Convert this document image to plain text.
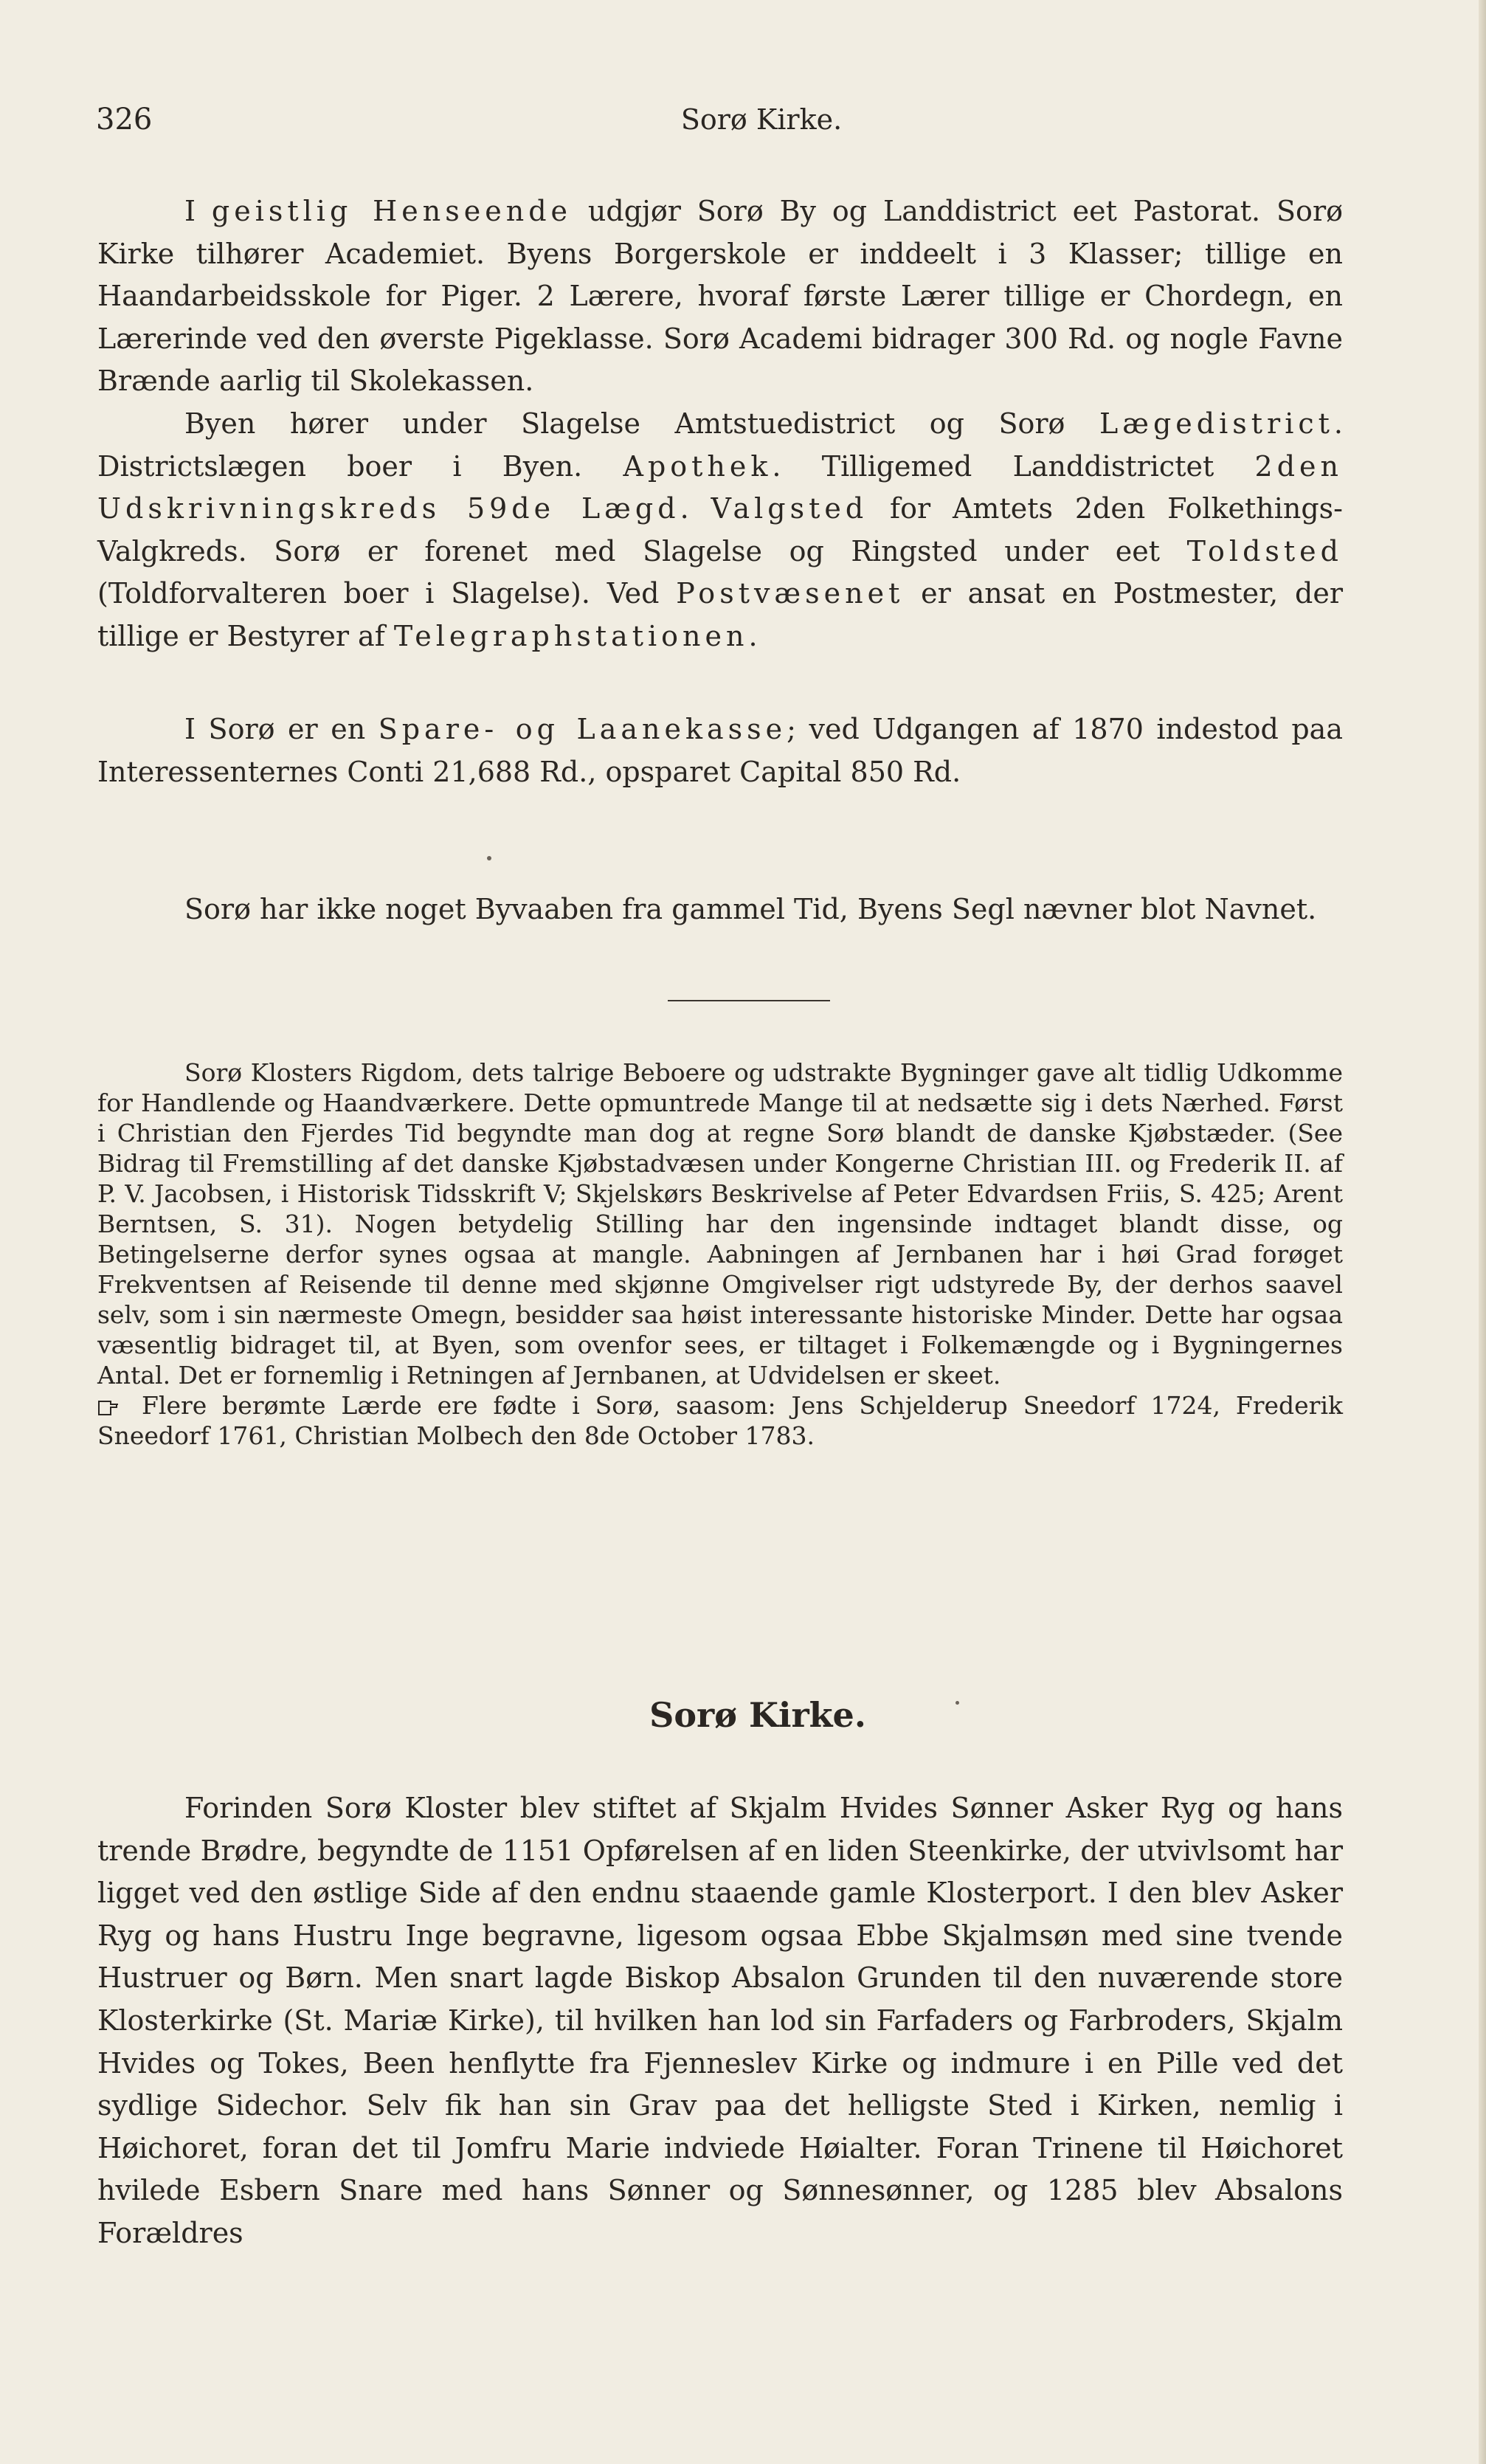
326	Sorø Kirke.

I geistlig Henseende udgjør Sorø By og Landdistrict eet Pastorat. Sorø Kirke tilhører Academiet. Byens Borgerskole er inddeelt i 3 Klasser; tillige en Haandarbeidsskole for Piger. 2 Lærere, hvoraf første Lærer tillige er Chordegn, en Lærerinde ved den øverste Pigeklasse. Sorø Academi bidrager 300 Rd. og nogle Favne Brænde aarlig til Skolekassen.

Byen hører under Slagelse Amtstuedistrict og Sorø Lægedistrict. Districtslægen boer i Byen. Apothek. Tilligemed Landdistrictet 2den Udskrivningskreds 59de Lægd. Valgsted for Amtets 2den Folkethings-Valgkreds. Sorø er forenet med Slagelse og Ringsted under eet Toldsted (Toldforvalteren boer i Slagelse). Ved Postvæsenet er ansat en Postmester, der tillige er Bestyrer af Telegraphstationen.

I Sorø er en Spare- og Laanekasse; ved Udgangen af 1870 indestod paa Interessenternes Conti 21,688 Rd., opsparet Capital 850 Rd.

Sorø har ikke noget Byvaaben fra gammel Tid, Byens Segl nævner blot Navnet.

Sorø Klosters Rigdom, dets talrige Beboere og udstrakte Bygninger gave alt tidlig Udkomme for Handlende og Haandværkere. Dette opmuntrede Mange til at nedsætte sig i dets Nærhed. Først i Christian den Fjerdes Tid begyndte man dog at regne Sorø blandt de danske Kjøbstæder. (See Bidrag til Fremstilling af det danske Kjøbstadvæsen under Kongerne Christian III. og Frederik II. af P. V. Jacobsen, i Historisk Tidsskrift V; Skjelskørs Beskrivelse af Peter Edvardsen Friis, S. 425; Arent Berntsen, S. 31). Nogen betydelig Stilling har den ingensinde indtaget blandt disse, og Betingelserne derfor synes ogsaa at mangle. Aabningen af Jernbanen har i høi Grad forøget Frekventsen af Reisende til denne med skjønne Omgivelser rigt udstyrede By, der derhos saavel selv, som i sin nærmeste Omegn, besidder saa høist interessante historiske Minder. Dette har ogsaa væsentlig bidraget til, at Byen, som ovenfor sees, er tiltaget i Folkemængde og i Bygningernes Antal. Det er fornemlig i Retningen af Jernbanen, at Udvidelsen er skeet.

Flere berømte Lærde ere fødte i Sorø, saasom: Jens Schjelderup Sneedorf 1724, Frederik Sneedorf 1761, Christian Molbech den 8de October 1783.

Sorø Kirke.

Forinden Sorø Kloster blev stiftet af Skjalm Hvides Sønner Asker Ryg og hans trende Brødre, begyndte de 1151 Opførelsen af en liden Steenkirke, der utvivlsomt har ligget ved den østlige Side af den endnu staaende gamle Klosterport. I den blev Asker Ryg og hans Hustru Inge begravne, ligesom ogsaa Ebbe Skjalmsøn med sine tvende Hustruer og Børn. Men snart lagde Biskop Absalon Grunden til den nuværende store Klosterkirke (St. Mariæ Kirke), til hvilken han lod sin Farfaders og Farbroders, Skjalm Hvides og Tokes, Been henflytte fra Fjenneslev Kirke og indmure i en Pille ved det sydlige Sidechor. Selv fik han sin Grav paa det helligste Sted i Kirken, nemlig i Høichoret, foran det til Jomfru Marie indviede Høialter. Foran Trinene til Høichoret hvilede Esbern Snare med hans Sønner og Sønnesønner, og 1285 blev Absalons Forældres
